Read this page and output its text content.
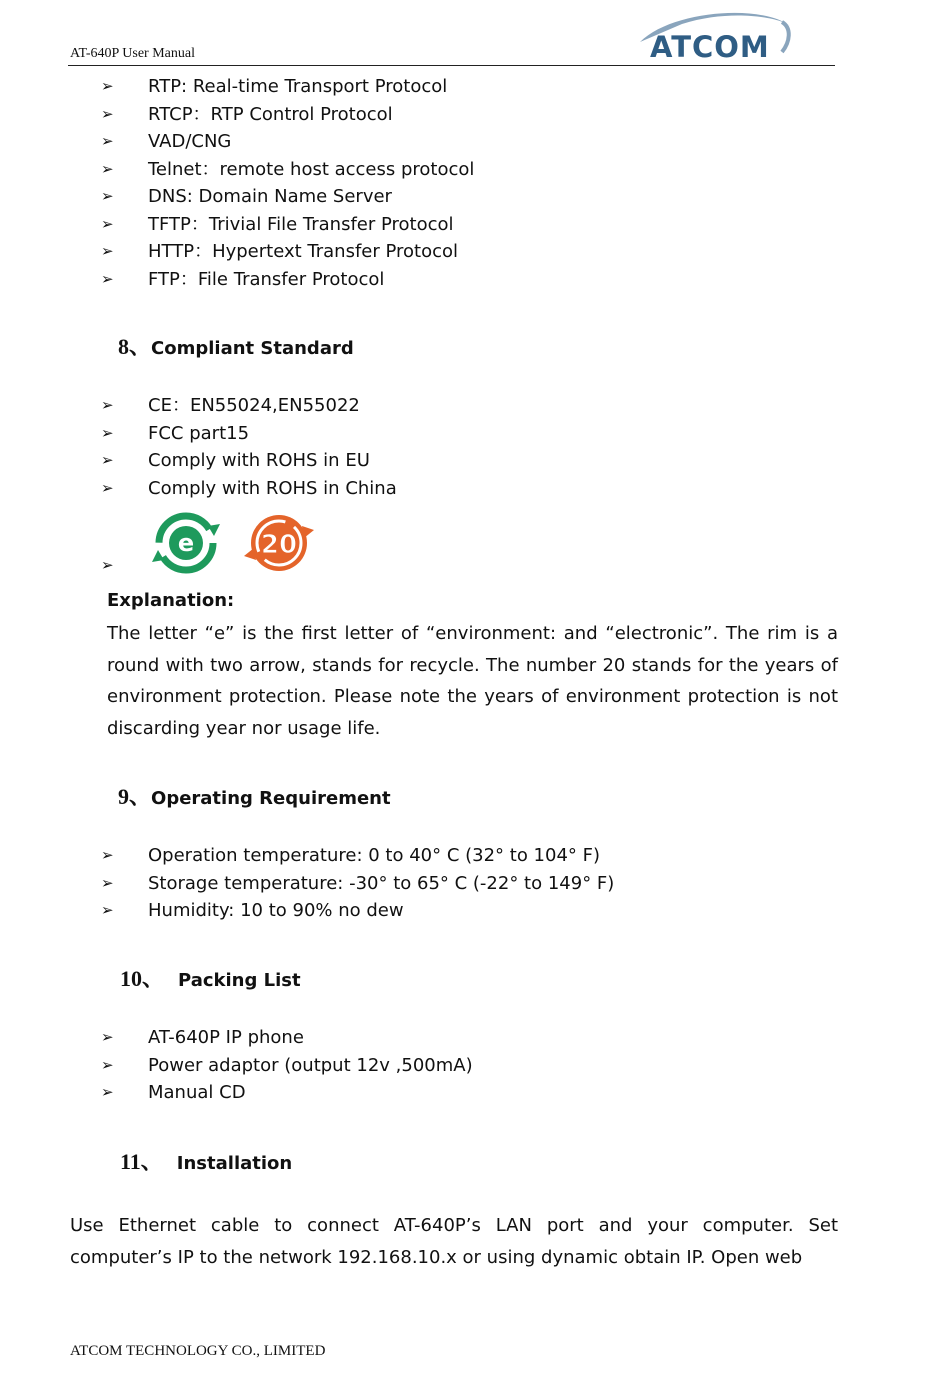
AT-640P User Manual	ATCOM
➢ RTP: Real-time Transport Protocol
➢ RTCP：RTP Control Protocol
➢ VAD/CNG
➢ Telnet：remote host access protocol
➢ DNS: Domain Name Server
➢ TFTP：Trivial File Transfer Protocol
➢ HTTP：Hypertext Transfer Protocol
➢ FTP：File Transfer Protocol
8、Compliant Standard
➢ CE：EN55024,EN55022
➢ FCC part15
➢ Comply with ROHS in EU
➢ Comply with ROHS in China
➢
e	20
Explanation:

The letter “e” is the first letter of “environment: and “electronic”. The rim is a round with two arrow, stands for recycle. The number 20 stands for the years of environment protection. Please note the years of environment protection is not discarding year nor usage life.

9、Operating Requirement
➢ Operation temperature: 0 to 40° C (32° to 104° F)
➢ Storage temperature: -30° to 65° C (-22° to 149° F)
➢ Humidity: 10 to 90% no dew
10、 Packing List
➢ AT-640P IP phone
➢ Power adaptor (output 12v ,500mA)
➢ Manual CD
11、 Installation

Use Ethernet cable to connect AT-640P’s LAN port and your computer. Set computer’s IP to the network 192.168.10.x or using dynamic obtain IP. Open web

ATCOM TECHNOLOGY CO., LIMITED
